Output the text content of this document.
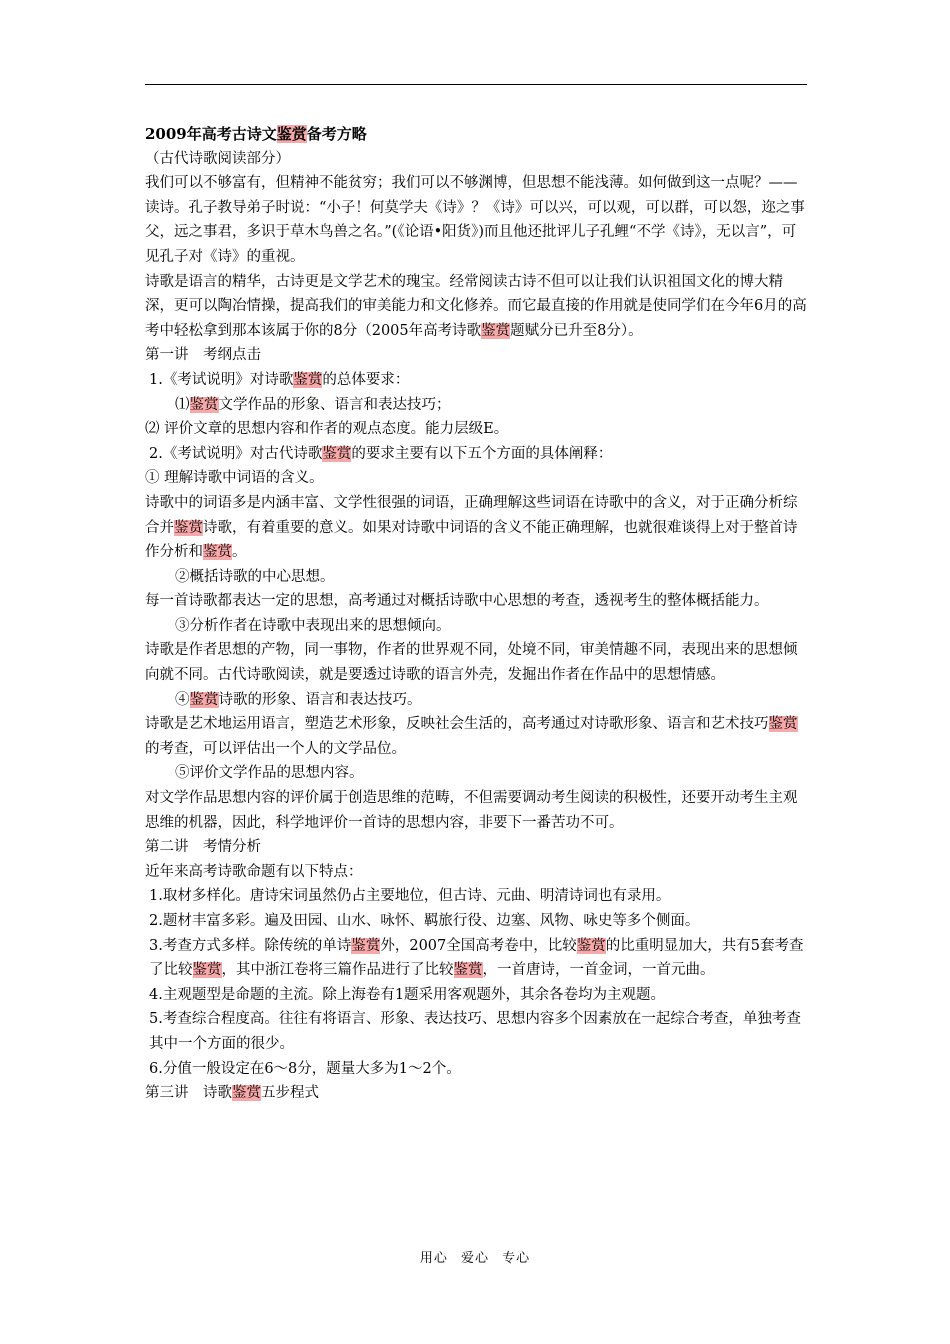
2009年高考古诗文鉴赏备考方略

（古代诗歌阅读部分）

我们可以不够富有，但精神不能贫穷；我们可以不够渊博，但思想不能浅薄。如何做到这一点呢？——读诗。孔子教导弟子时说：“小子！何莫学夫《诗》？《诗》可以兴，可以观，可以群，可以怨，迩之事父，远之事君，多识于草木鸟兽之名。”(《论语•阳货》)而且他还批评儿子孔鲤“不学《诗》，无以言”，可见孔子对《诗》的重视。

诗歌是语言的精华，古诗更是文学艺术的瑰宝。经常阅读古诗不但可以让我们认识祖国文化的博大精深，更可以陶冶情操，提高我们的审美能力和文化修养。而它最直接的作用就是使同学们在今年6月的高考中轻松拿到那本该属于你的8分（2005年高考诗歌鉴赏题赋分已升至8分）。

第一讲　考纲点击

1.《考试说明》对诗歌鉴赏的总体要求：

⑴鉴赏文学作品的形象、语言和表达技巧；

⑵ 评价文章的思想内容和作者的观点态度。能力层级E。

2.《考试说明》对古代诗歌鉴赏的要求主要有以下五个方面的具体阐释：

① 理解诗歌中词语的含义。

诗歌中的词语多是内涵丰富、文学性很强的词语，正确理解这些词语在诗歌中的含义，对于正确分析综合并鉴赏诗歌，有着重要的意义。如果对诗歌中词语的含义不能正确理解，也就很难谈得上对于整首诗作分析和鉴赏。

②概括诗歌的中心思想。

每一首诗歌都表达一定的思想，高考通过对概括诗歌中心思想的考查，透视考生的整体概括能力。

③分析作者在诗歌中表现出来的思想倾向。

诗歌是作者思想的产物，同一事物，作者的世界观不同，处境不同，审美情趣不同，表现出来的思想倾向就不同。古代诗歌阅读，就是要透过诗歌的语言外壳，发掘出作者在作品中的思想情感。

④鉴赏诗歌的形象、语言和表达技巧。

诗歌是艺术地运用语言，塑造艺术形象，反映社会生活的，高考通过对诗歌形象、语言和艺术技巧鉴赏的考查，可以评估出一个人的文学品位。

⑤评价文学作品的思想内容。

对文学作品思想内容的评价属于创造思维的范畴，不但需要调动考生阅读的积极性，还要开动考生主观思维的机器，因此，科学地评价一首诗的思想内容，非要下一番苦功不可。

第二讲　考情分析

近年来高考诗歌命题有以下特点：

1.取材多样化。唐诗宋词虽然仍占主要地位，但古诗、元曲、明清诗词也有录用。

2.题材丰富多彩。遍及田园、山水、咏怀、羁旅行役、边塞、风物、咏史等多个侧面。

3.考查方式多样。除传统的单诗鉴赏外，2007全国高考卷中，比较鉴赏的比重明显加大，共有5套考查了比较鉴赏，其中浙江卷将三篇作品进行了比较鉴赏，一首唐诗，一首金词，一首元曲。

4.主观题型是命题的主流。除上海卷有1题采用客观题外，其余各卷均为主观题。

5.考查综合程度高。往往有将语言、形象、表达技巧、思想内容多个因素放在一起综合考查，单独考查其中一个方面的很少。

6.分值一般设定在6～8分，题量大多为1～2个。

第三讲　诗歌鉴赏五步程式

用心 爱心 专心
